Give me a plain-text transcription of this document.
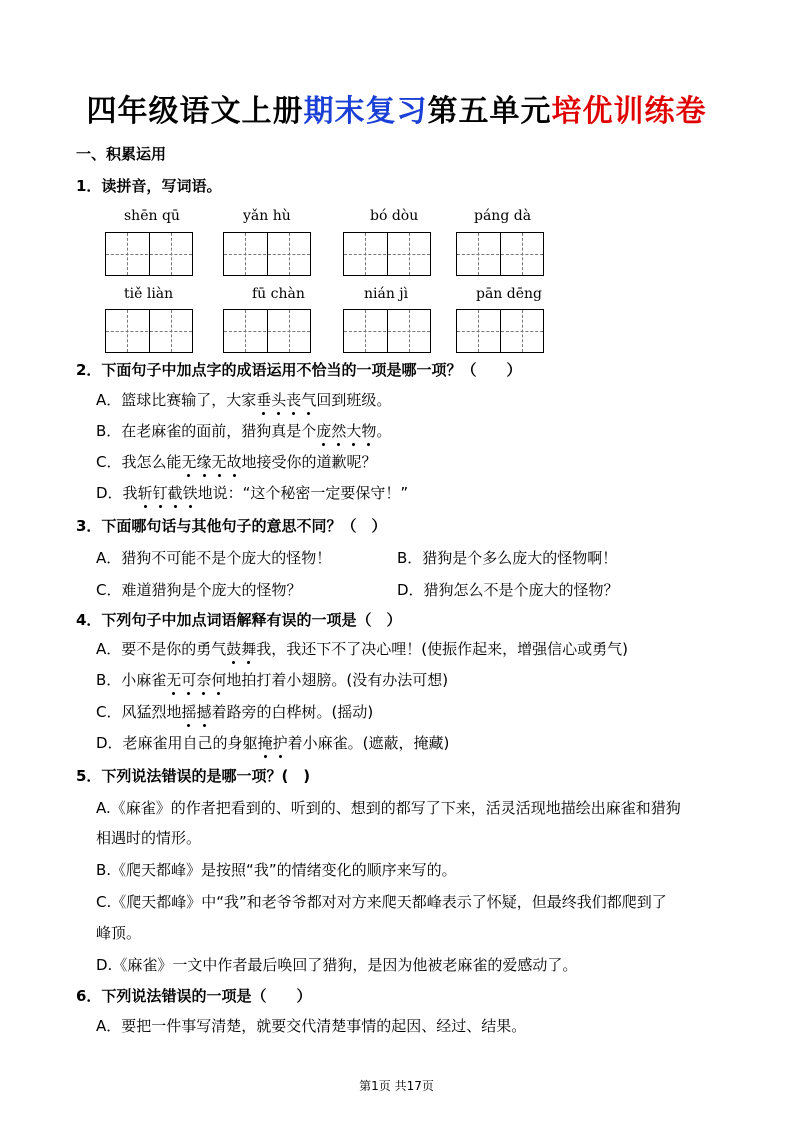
四年级语文上册期末复习第五单元培优训练卷
一、积累运用
1．读拼音，写词语。
shēn qū	yǎn hù	bó dòu	páng dà
tiě liàn	fū chàn	nián jì	pān dēng
2．下面句子中加点字的成语运用不恰当的一项是哪一项？（　　）
A．篮球比赛输了，大家垂头丧气回到班级。
B．在老麻雀的面前，猎狗真是个庞然大物。
C．我怎么能无缘无故地接受你的道歉呢？
D．我斩钉截铁地说：“这个秘密一定要保守！”
3．下面哪句话与其他句子的意思不同？（　）
A．猎狗不可能不是个庞大的怪物！	B．猎狗是个多么庞大的怪物啊！
C．难道猎狗是个庞大的怪物？	D．猎狗怎么不是个庞大的怪物？
4．下列句子中加点词语解释有误的一项是（　）
A．要不是你的勇气鼓舞我，我还下不了决心哩！(使振作起来，增强信心或勇气)
B．小麻雀无可奈何地拍打着小翅膀。(没有办法可想)
C．风猛烈地摇撼着路旁的白桦树。(摇动)
D．老麻雀用自己的身躯掩护着小麻雀。(遮蔽，掩藏)
5．下列说法错误的是哪一项？(　)
A.《麻雀》的作者把看到的、听到的、想到的都写了下来，活灵活现地描绘出麻雀和猎狗
相遇时的情形。
B.《爬天都峰》是按照“我”的情绪变化的顺序来写的。
C.《爬天都峰》中“我”和老爷爷都对对方来爬天都峰表示了怀疑，但最终我们都爬到了
峰顶。
D.《麻雀》一文中作者最后唤回了猎狗，是因为他被老麻雀的爱感动了。
6．下列说法错误的一项是（　　）
A．要把一件事写清楚，就要交代清楚事情的起因、经过、结果。
第1页 共17页
